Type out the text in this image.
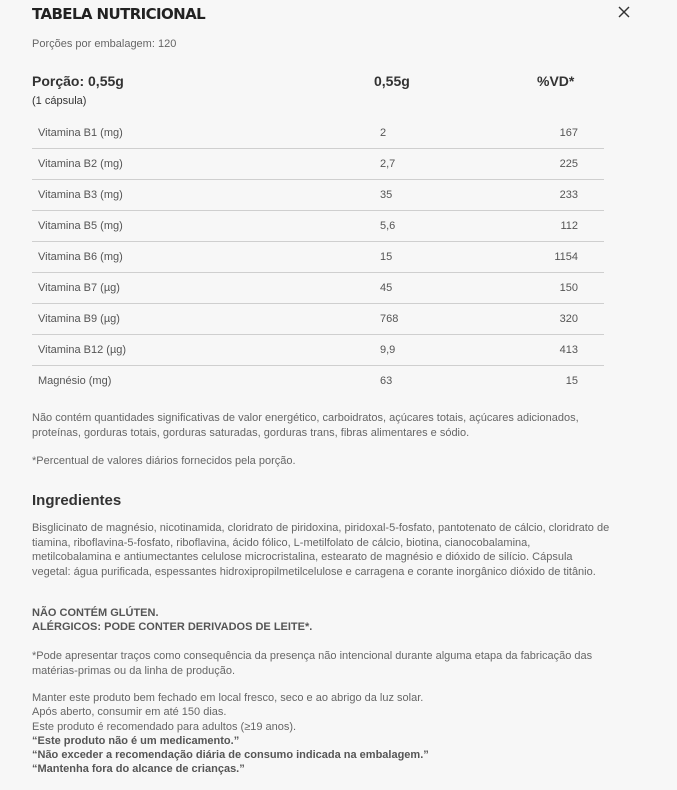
TABELA NUTRICIONAL
Porções por embalagem: 120
Porção: 0,55g	0,55g	%VD*
(1 cápsula)
Vitamina B1 (mg)	2	167
Vitamina B2 (mg)	2,7	225
Vitamina B3 (mg)	35	233
Vitamina B5 (mg)	5,6	112
Vitamina B6 (mg)	15	1154
Vitamina B7 (µg)	45	150
Vitamina B9 (µg)	768	320
Vitamina B12 (µg)	9,9	413
Magnésio (mg)	63	15
Não contém quantidades significativas de valor energético, carboidratos, açúcares totais, açúcares adicionados, proteínas, gorduras totais, gorduras saturadas, gorduras trans, fibras alimentares e sódio.
*Percentual de valores diários fornecidos pela porção.
Ingredientes
Bisglicinato de magnésio, nicotinamida, cloridrato de piridoxina, piridoxal-5-fosfato, pantotenato de cálcio, cloridrato de tiamina, riboflavina-5-fosfato, riboflavina, ácido fólico, L-metilfolato de cálcio, biotina, cianocobalamina, metilcobalamina e antiumectantes celulose microcristalina, estearato de magnésio e dióxido de silício. Cápsula vegetal: água purificada, espessantes hidroxipropilmetilcelulose e carragena e corante inorgânico dióxido de titânio.
NÃO CONTÉM GLÚTEN.
ALÉRGICOS: PODE CONTER DERIVADOS DE LEITE*.
*Pode apresentar traços como consequência da presença não intencional durante alguma etapa da fabricação das matérias-primas ou da linha de produção.
Manter este produto bem fechado em local fresco, seco e ao abrigo da luz solar.
Após aberto, consumir em até 150 dias.
Este produto é recomendado para adultos (≥19 anos).
“Este produto não é um medicamento.”
“Não exceder a recomendação diária de consumo indicada na embalagem.”
“Mantenha fora do alcance de crianças.”
